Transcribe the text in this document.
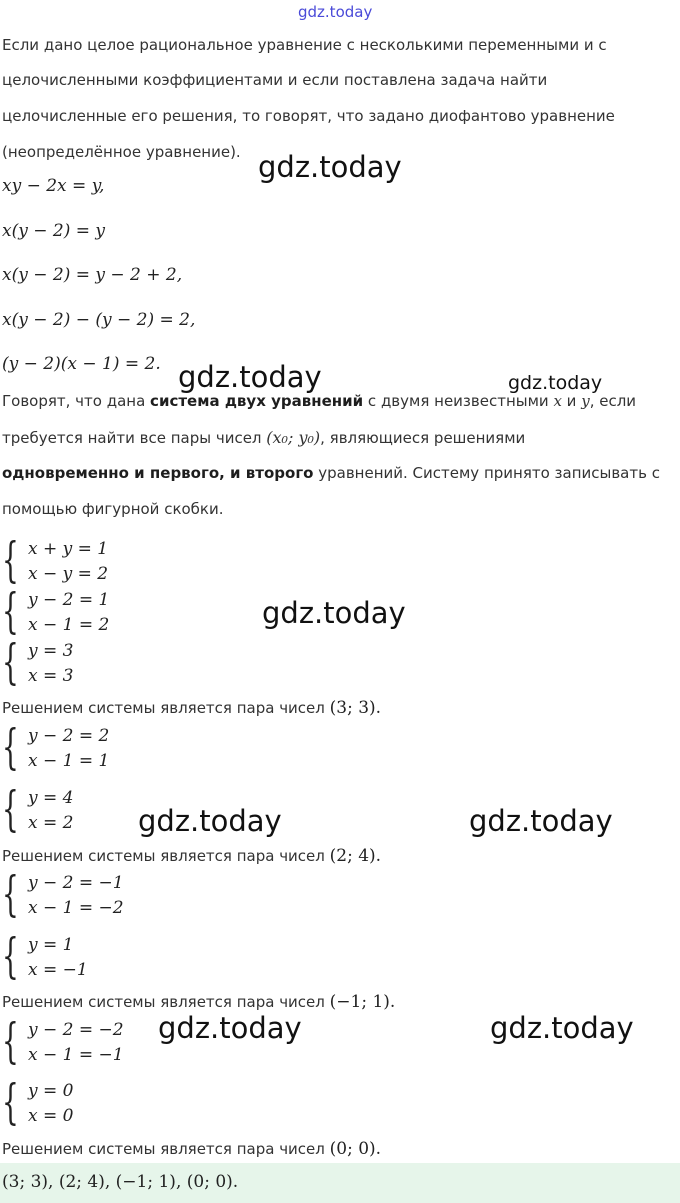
gdz.today
Если дано целое рациональное уравнение с несколькими переменными и с
целочисленными коэффициентами и если поставлена задача найти
целочисленные его решения, то говорят, что задано диофантово уравнение
(неопределённое уравнение). gdz.today
xy − 2x = y,
x(y − 2) = y
x(y − 2) = y − 2 + 2,
x(y − 2) − (y − 2) = 2,
(y − 2)(x − 1) = 2. gdz.today	gdz.today
Говорят, что дана система двух уравнений с двумя неизвестными x и y, если
требуется найти все пары чисел (x₀; y₀), являющиеся решениями
одновременно и первого, и второго уравнений. Систему принято записывать с
помощью фигурной скобки.
{ x + y = 1
x − y = 2
{ y − 2 = 1
x − 1 = 2	gdz.today
{ y = 3
x = 3
Решением системы является пара чисел (3; 3).
{ y − 2 = 2
x − 1 = 1
{ y = 4
x = 2 gdz.today	gdz.today
Решением системы является пара чисел (2; 4).
{ y − 2 = −1
x − 1 = −2
{ y = 1
x = −1
Решением системы является пара чисел (−1; 1).
{ y − 2 = −2
x − 1 = −1
gdz.today	gdz.today
{ y = 0
x = 0
Решением системы является пара чисел (0; 0).
(3; 3), (2; 4), (−1; 1), (0; 0).
